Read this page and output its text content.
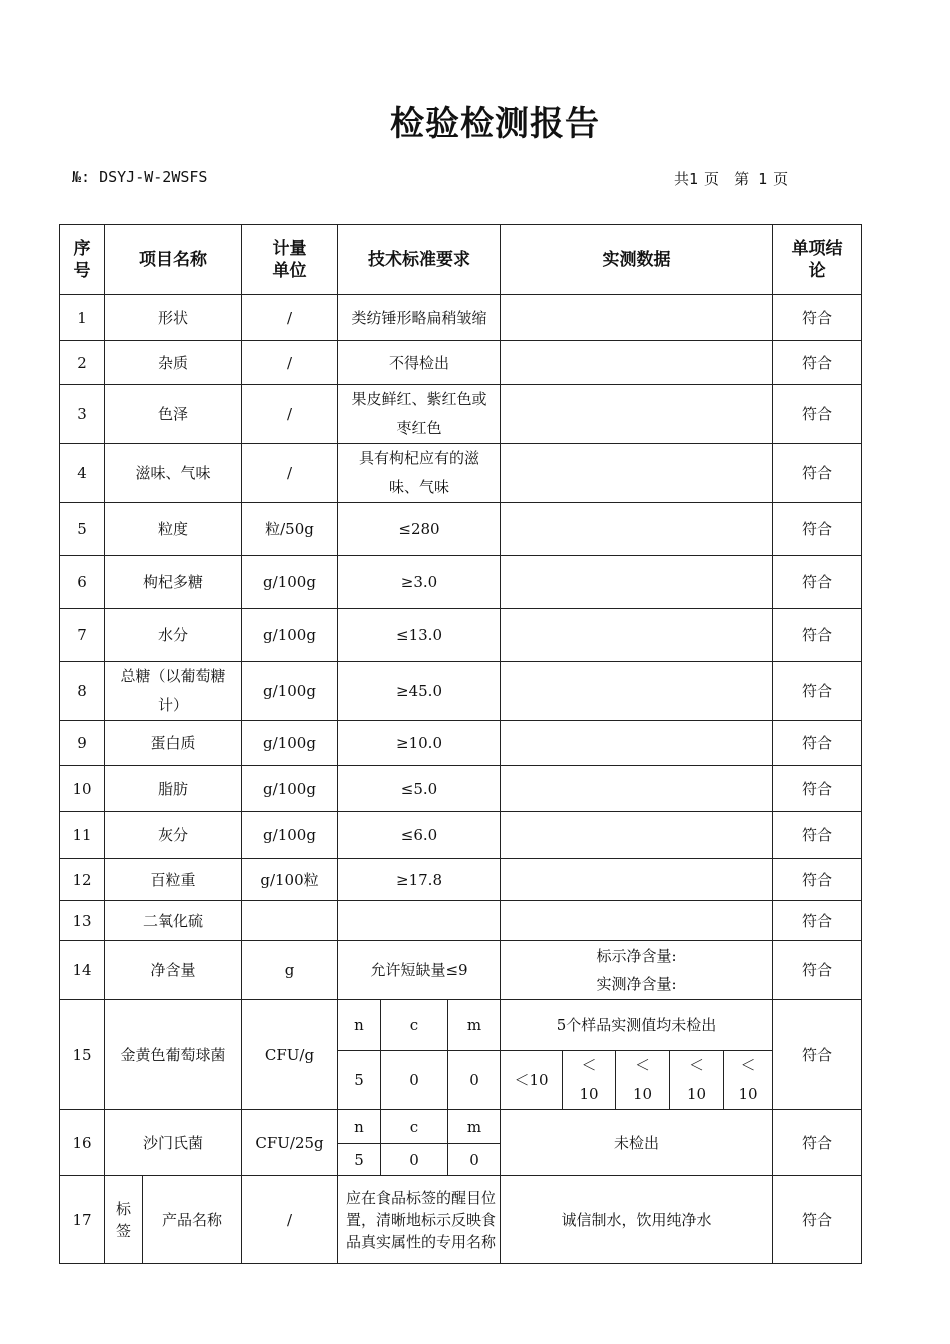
检验检测报告
№: DSYJ-W-2WSFS	共1 页 第 1 页
序号	项目名称		计量单位	技术标准要求			实测数据					单项结论
1	形状		/	类纺锤形略扁稍皱缩								符合
2	杂质		/	不得检出								符合
3	色泽		/	果皮鲜红、紫红色或枣红色								符合
4	滋味、气味		/	具有枸杞应有的滋味、气味								符合
5	粒度		粒/50g	≤280								符合
6	枸杞多糖		g/100g	≥3.0								符合
7	水分		g/100g	≤13.0								符合
8	总糖（以葡萄糖计）		g/100g	≥45.0								符合
9	蛋白质		g/100g	≥10.0								符合
10	脂肪		g/100g	≤5.0								符合
11	灰分		g/100g	≤6.0								符合
12	百粒重		g/100粒	≥17.8								符合
13	二氧化硫											符合
14	净含量		g	允许短缺量≤9			标示净含量:
实测净含量:					符合
15	金黄色葡萄球菌		CFU/g	n	c	m	5个样品实测值均未检出					符合
				5	0	0	＜10	＜10	＜10	＜10	＜10	
16	沙门氏菌		CFU/25g	n	c	m	未检出					符合
				5	0	0						
17	标签	产品名称	/	应在食品标签的醒目位置，清晰地标示反映食品真实属性的专用名称			诚信制水，饮用纯净水					符合
